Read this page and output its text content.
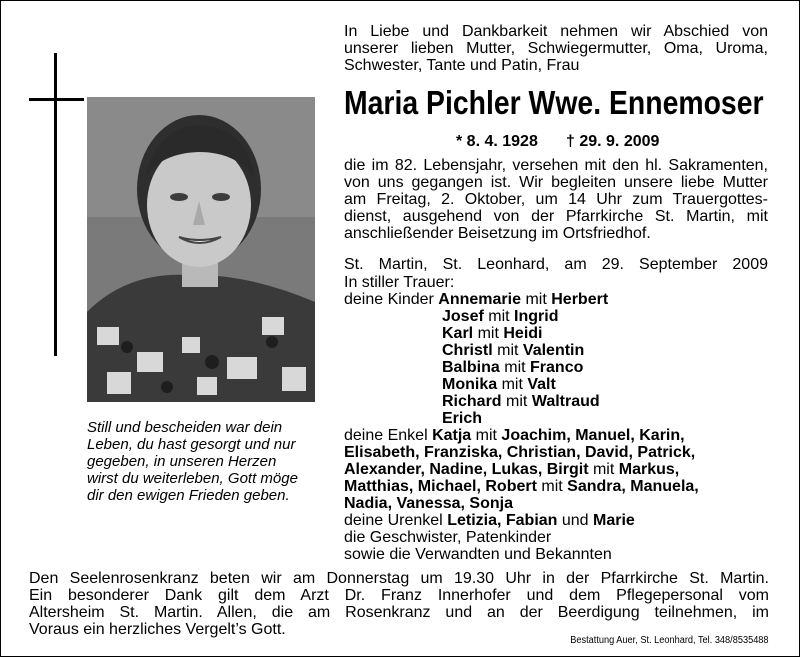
Still und bescheiden war dein
Leben, du hast gesorgt und nur
gegeben, in unseren Herzen
wirst du weiterleben, Gott möge
dir den ewigen Frieden geben.
In Liebe und Dankbarkeit nehmen wir Abschied von
unserer lieben Mutter, Schwiegermutter, Oma, Uroma,
Schwester, Tante und Patin, Frau
Maria Pichler Wwe. Ennemoser
* 8. 4. 1928 † 29. 9. 2009
die im 82. Lebensjahr, versehen mit den hl. Sakramenten,
von uns gegangen ist. Wir begleiten unsere liebe Mutter
am Freitag, 2. Oktober, um 14 Uhr zum Trauergottes-
dienst, ausgehend von der Pfarrkirche St. Martin, mit
anschließender Beisetzung im Ortsfriedhof.
St. Martin, St. Leonhard, am 29. September 2009
In stiller Trauer:
deine Kinder Annemarie mit Herbert
Josef mit Ingrid
Karl mit Heidi
Christl mit Valentin
Balbina mit Franco
Monika mit Valt
Richard mit Waltraud
Erich
deine Enkel Katja mit Joachim, Manuel, Karin,
Elisabeth, Franziska, Christian, David, Patrick,
Alexander, Nadine, Lukas, Birgit mit Markus,
Matthias, Michael, Robert mit Sandra, Manuela,
Nadia, Vanessa, Sonja
deine Urenkel Letizia, Fabian und Marie
die Geschwister, Patenkinder
sowie die Verwandten und Bekannten
Den Seelenrosenkranz beten wir am Donnerstag um 19.30 Uhr in der Pfarrkirche St. Martin.
Ein besonderer Dank gilt dem Arzt Dr. Franz Innerhofer und dem Pflegepersonal vom
Altersheim St. Martin. Allen, die am Rosenkranz und an der Beerdigung teilnehmen, im
Voraus ein herzliches Vergelt’s Gott.
Bestattung Auer, St. Leonhard, Tel. 348/8535488
